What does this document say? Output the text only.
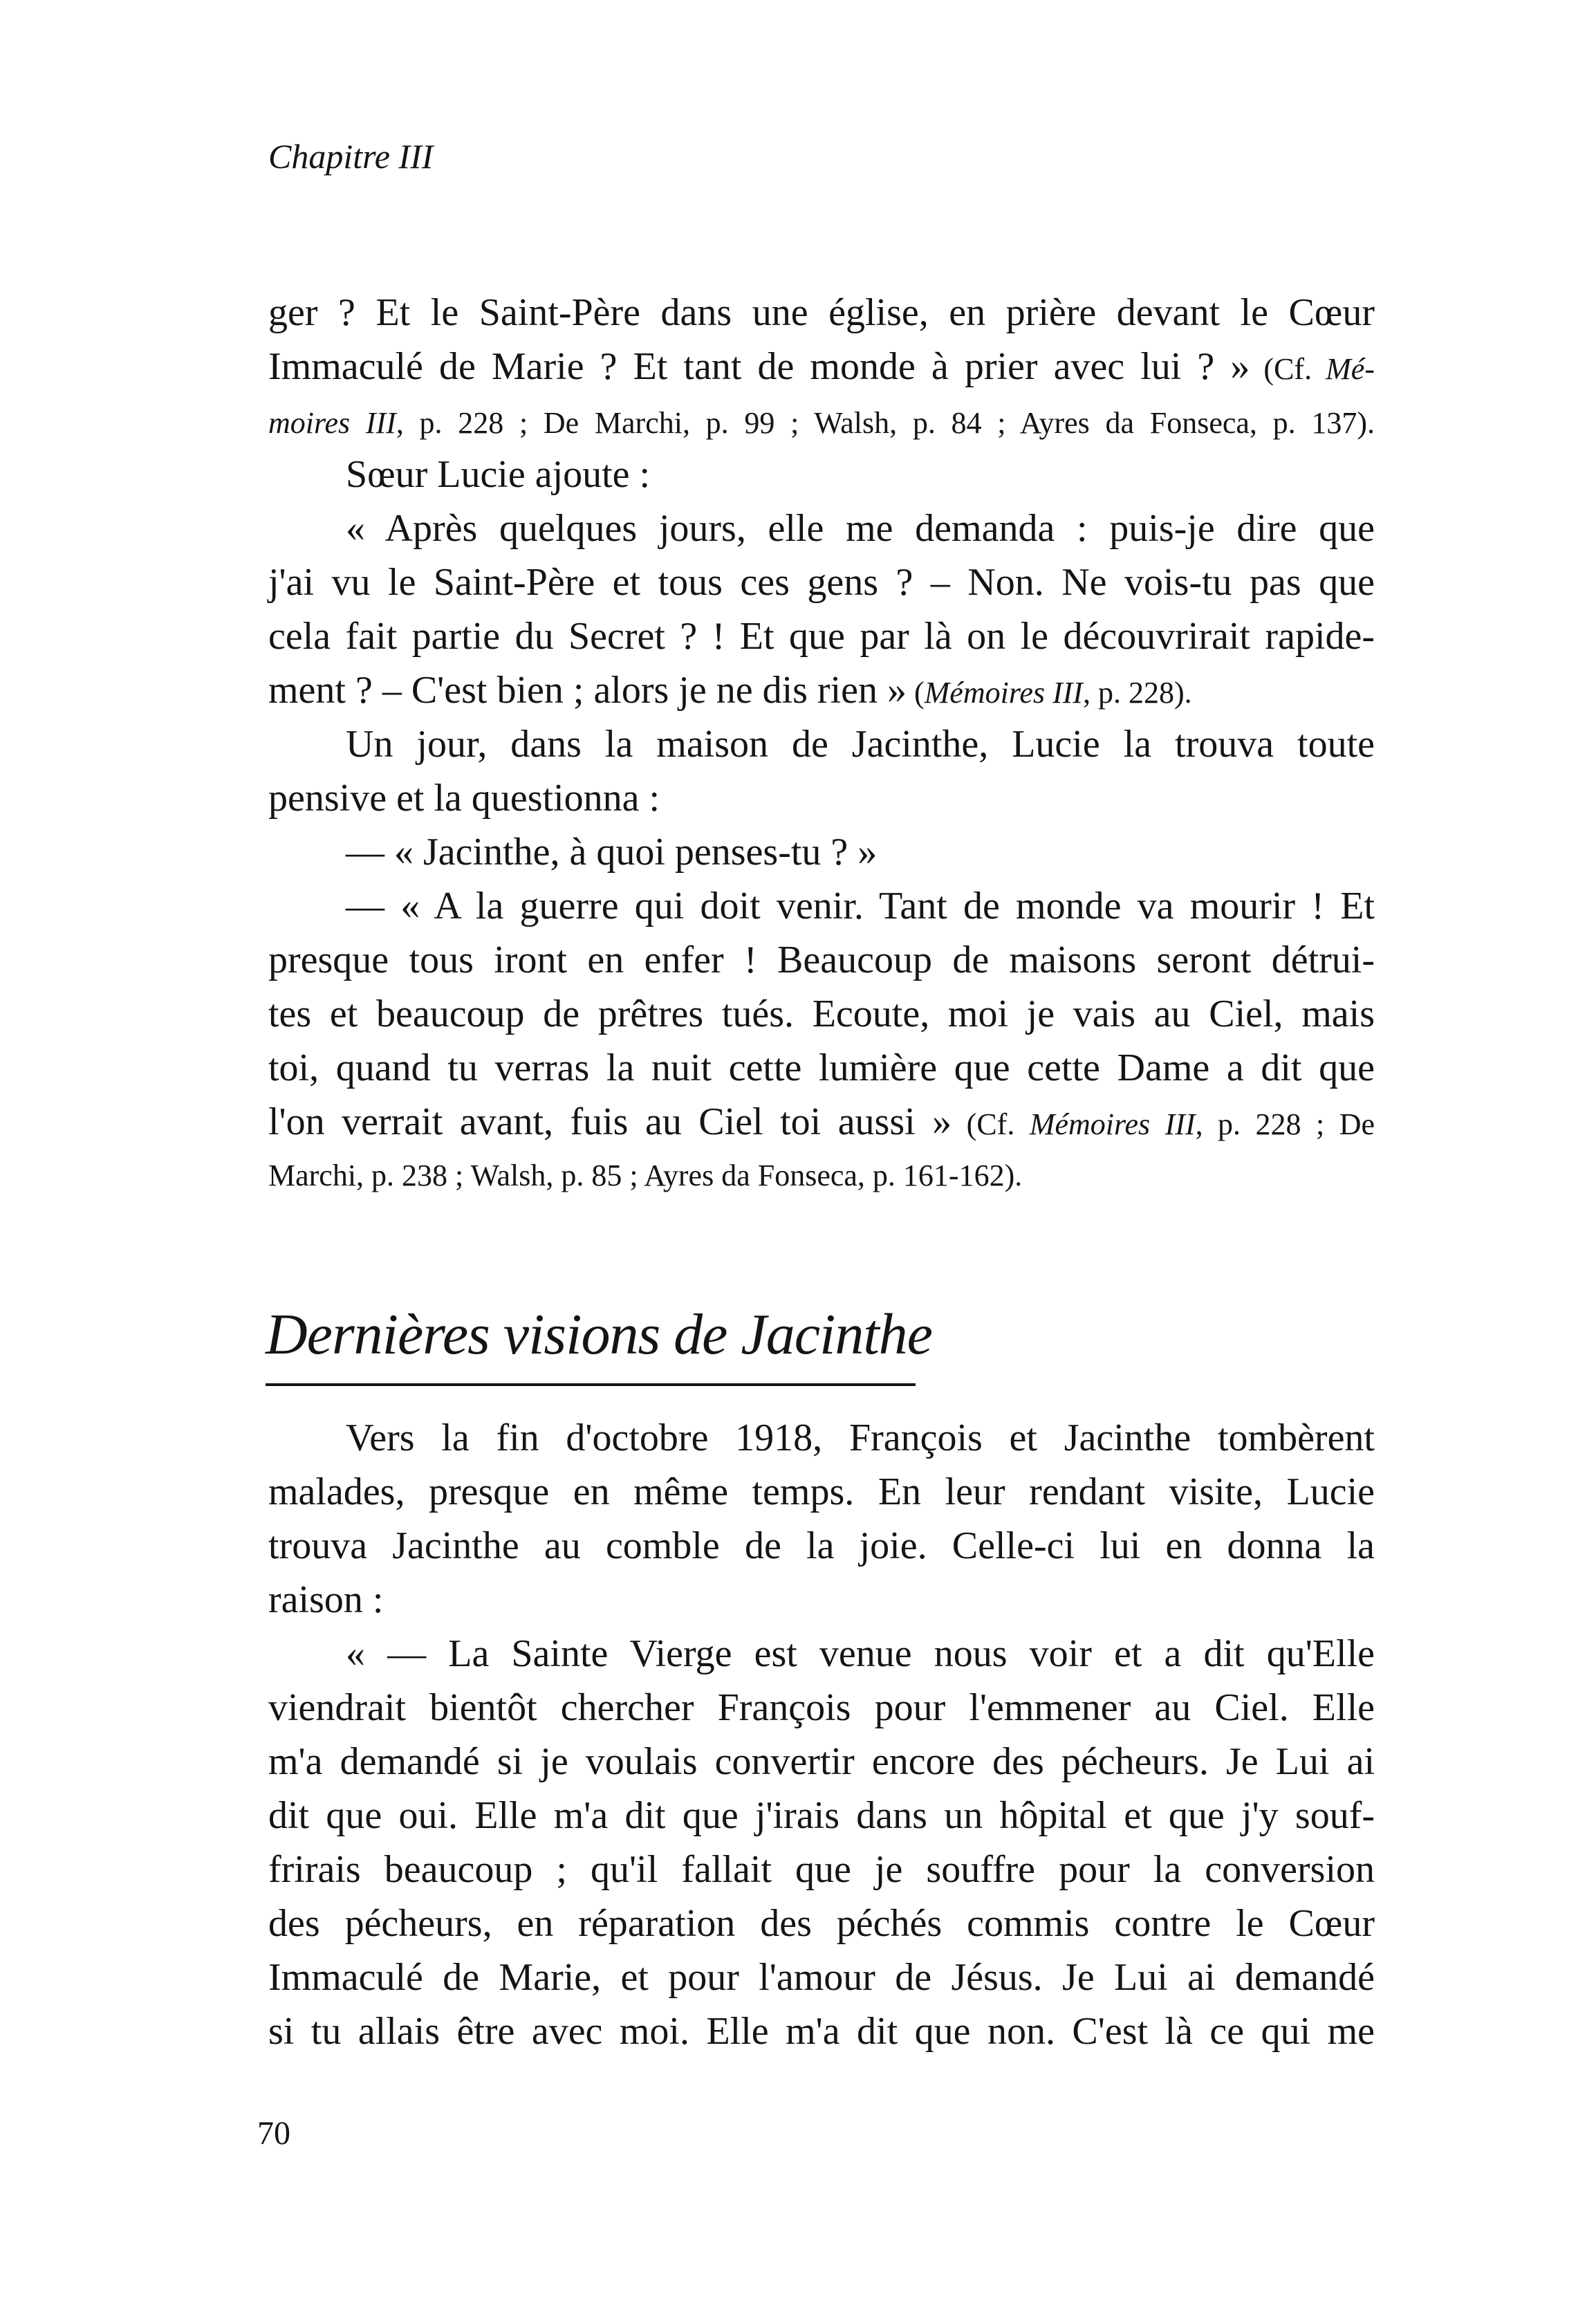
Chapitre III
ger ? Et le Saint-Père dans une église, en prière devant le Cœur
Immaculé de Marie ? Et tant de monde à prier avec lui ? » (Cf. Mé-
moires III, p. 228 ; De Marchi, p. 99 ; Walsh, p. 84 ; Ayres da Fonseca, p. 137).
Sœur Lucie ajoute :
« Après quelques jours, elle me demanda : puis-je dire que
j'ai vu le Saint-Père et tous ces gens ? – Non. Ne vois-tu pas que
cela fait partie du Secret ? ! Et que par là on le découvrirait rapide-
ment ? – C'est bien ; alors je ne dis rien » (Mémoires III, p. 228).
Un jour, dans la maison de Jacinthe, Lucie la trouva toute
pensive et la questionna :
— « Jacinthe, à quoi penses-tu ? »
— « A la guerre qui doit venir. Tant de monde va mourir ! Et
presque tous iront en enfer ! Beaucoup de maisons seront détrui-
tes et beaucoup de prêtres tués. Ecoute, moi je vais au Ciel, mais
toi, quand tu verras la nuit cette lumière que cette Dame a dit que
l'on verrait avant, fuis au Ciel toi aussi » (Cf. Mémoires III, p. 228 ; De
Marchi, p. 238 ; Walsh, p. 85 ; Ayres da Fonseca, p. 161-162).
Dernières visions de Jacinthe
Vers la fin d'octobre 1918, François et Jacinthe tombèrent
malades, presque en même temps. En leur rendant visite, Lucie
trouva Jacinthe au comble de la joie. Celle-ci lui en donna la
raison :
« — La Sainte Vierge est venue nous voir et a dit qu'Elle
viendrait bientôt chercher François pour l'emmener au Ciel. Elle
m'a demandé si je voulais convertir encore des pécheurs. Je Lui ai
dit que oui. Elle m'a dit que j'irais dans un hôpital et que j'y souf-
frirais beaucoup ; qu'il fallait que je souffre pour la conversion
des pécheurs, en réparation des péchés commis contre le Cœur
Immaculé de Marie, et pour l'amour de Jésus. Je Lui ai demandé
si tu allais être avec moi. Elle m'a dit que non. C'est là ce qui me
70
